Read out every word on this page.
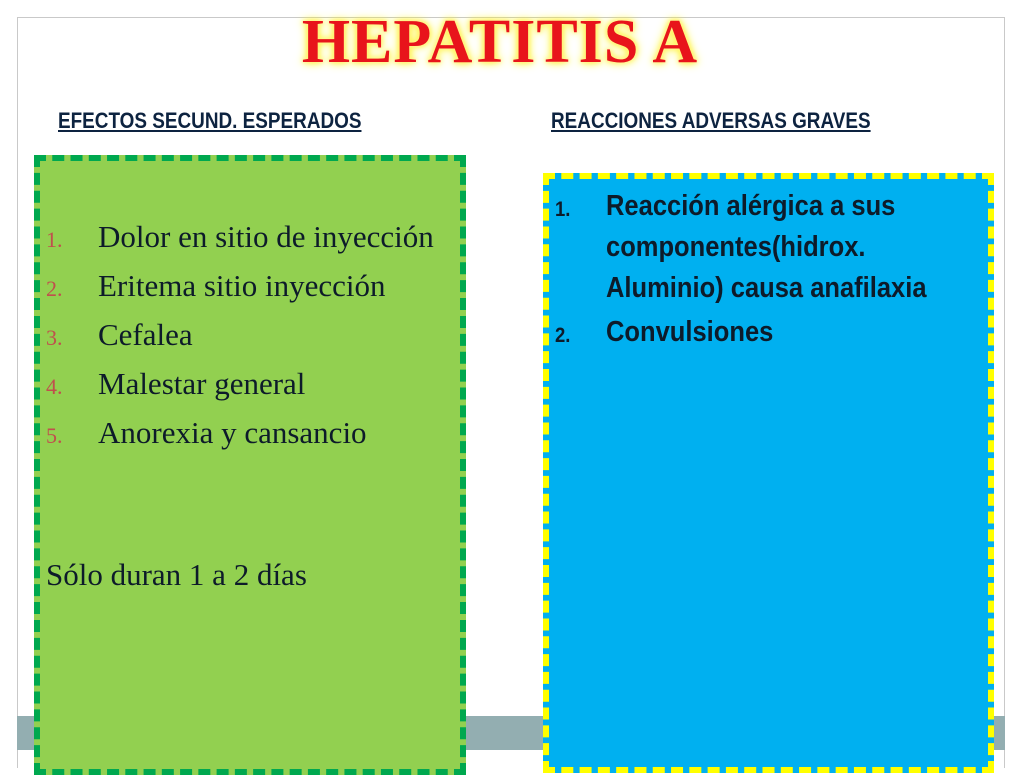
HEPATITIS A
EFECTOS SECUND. ESPERADOS	REACCIONES ADVERSAS GRAVES
1. Dolor en sitio de inyección
2. Eritema sitio inyección
3. Cefalea
4. Malestar general
5. Anorexia y cansancio
Sólo duran 1 a 2 días
1. Reacción alérgica a sus
componentes(hidrox.
Aluminio) causa anafilaxia
2. Convulsiones
